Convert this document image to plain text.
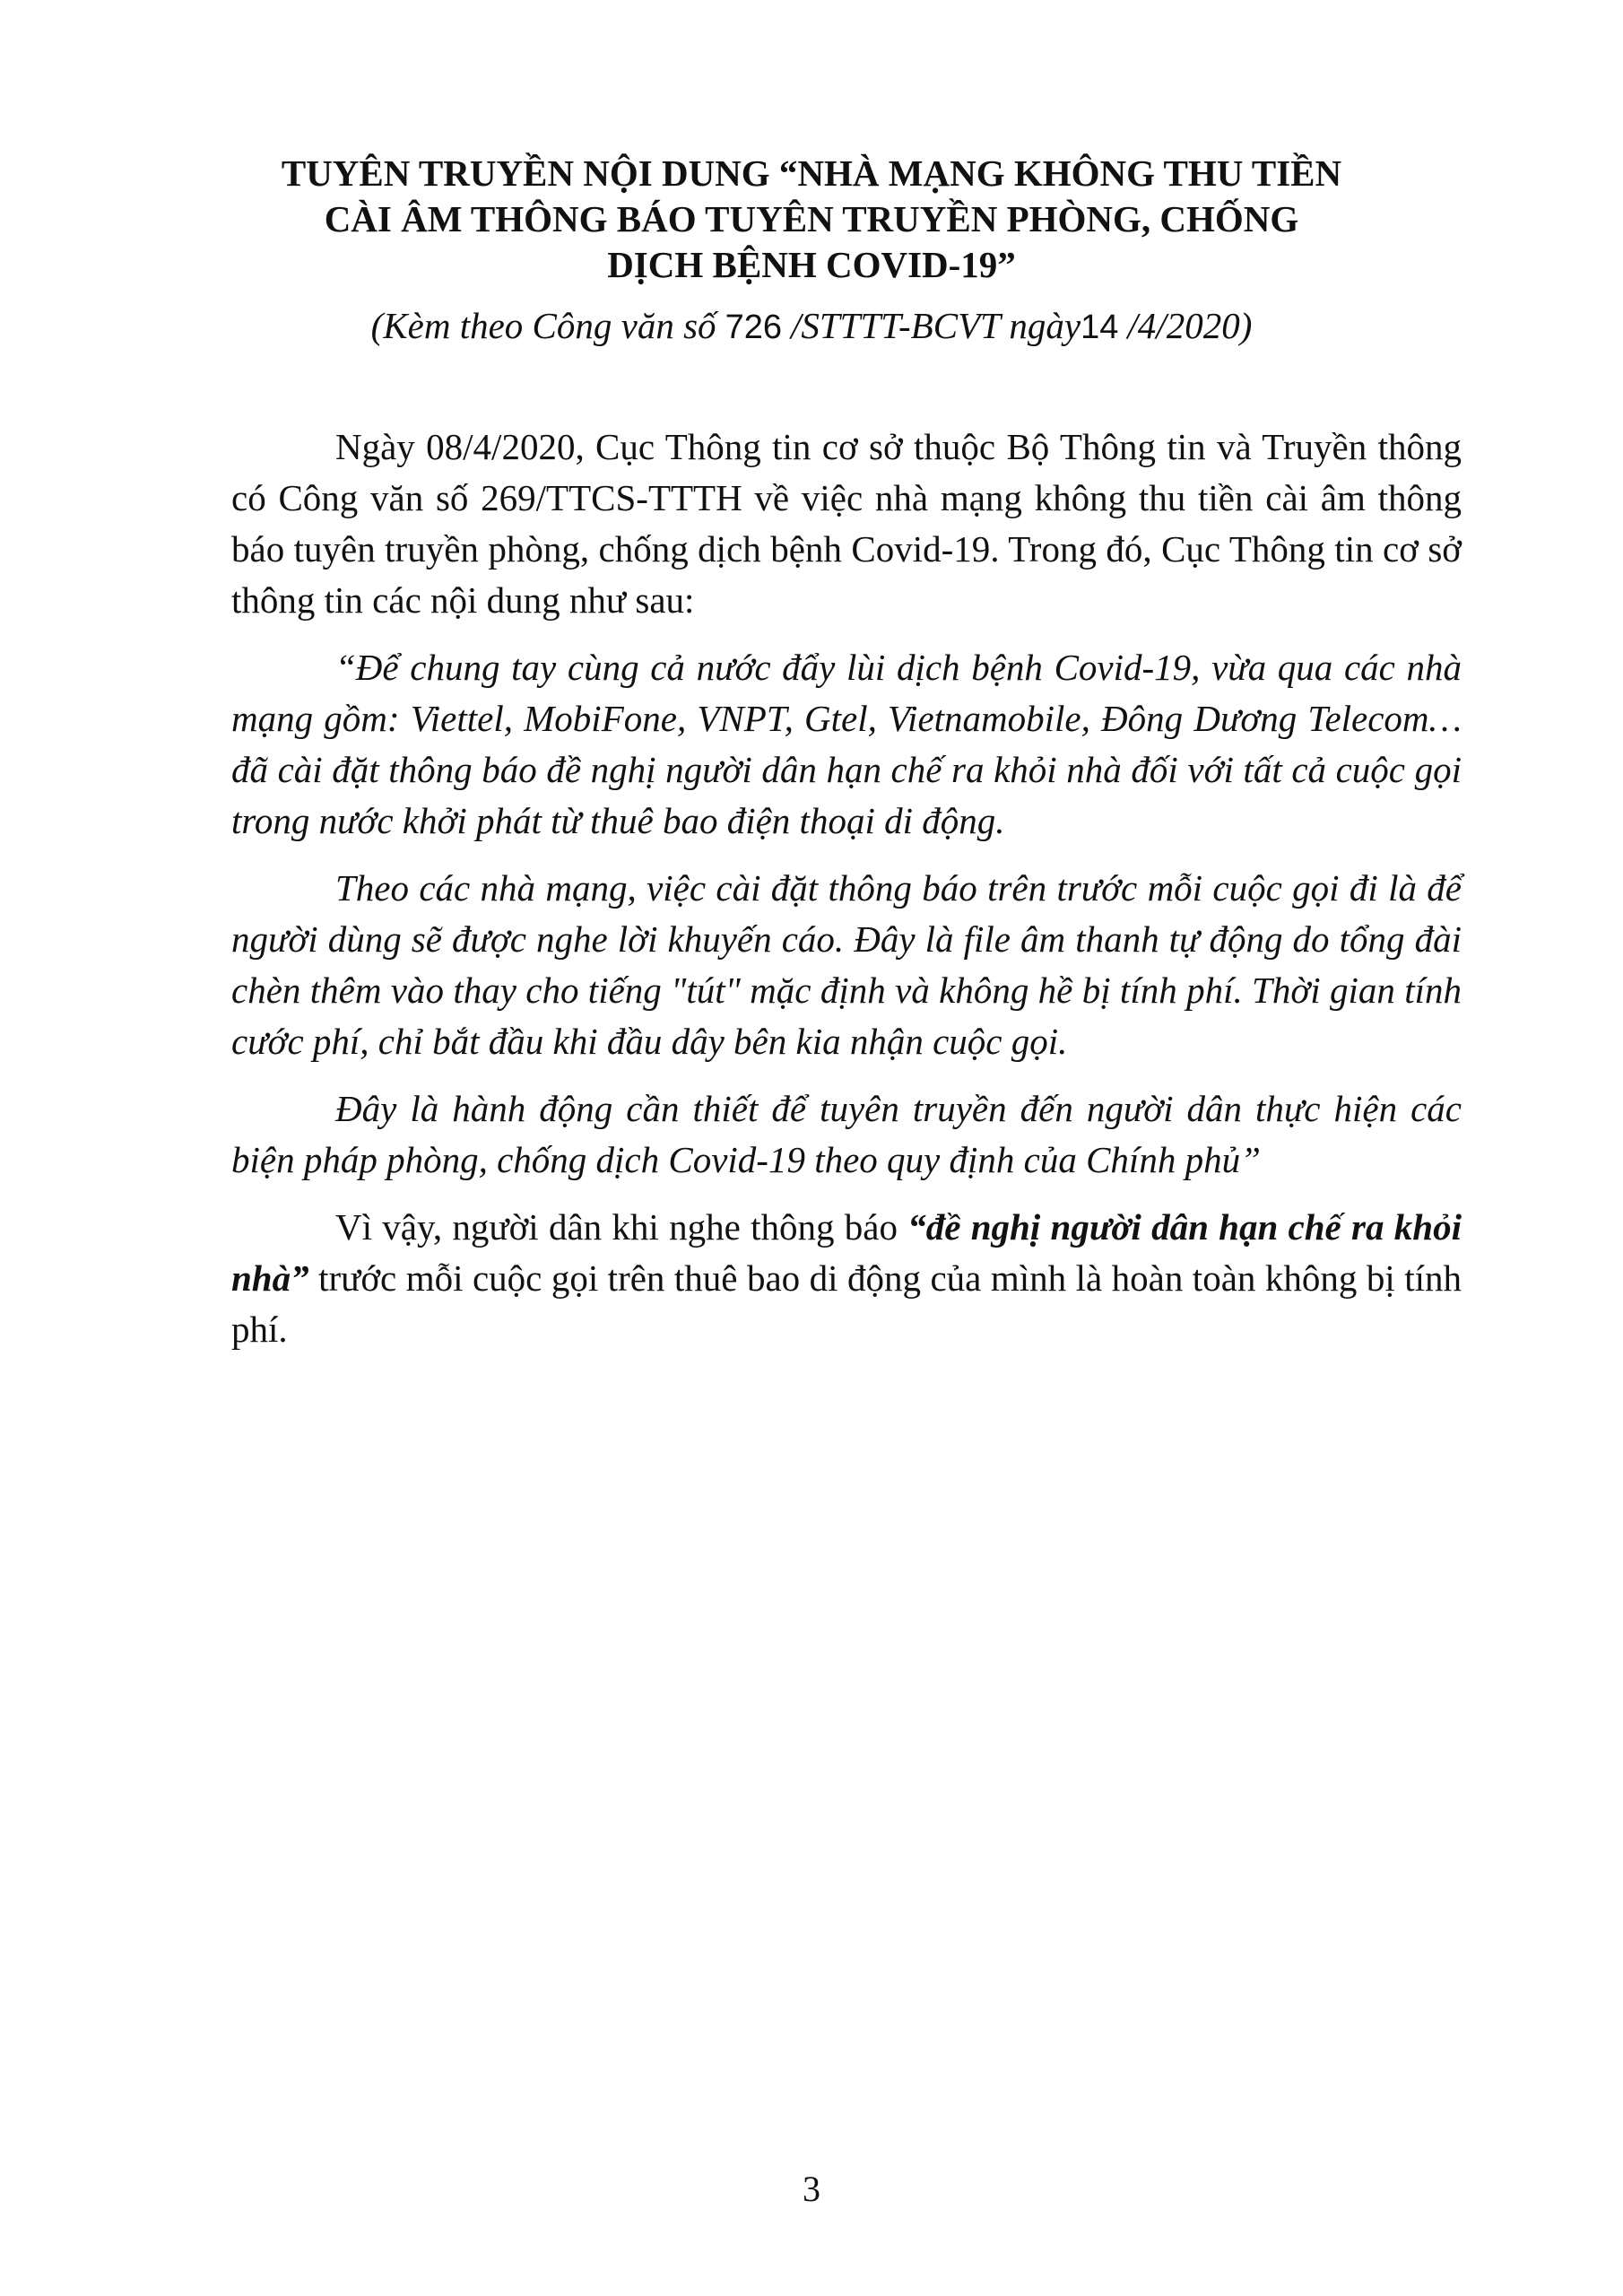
TUYÊN TRUYỀN NỘI DUNG “NHÀ MẠNG KHÔNG THU TIỀN
CÀI ÂM THÔNG BÁO TUYÊN TRUYỀN PHÒNG, CHỐNG
DỊCH BỆNH COVID-19”
(Kèm theo Công văn số 726 /STTTT-BCVT ngày14 /4/2020)

Ngày 08/4/2020, Cục Thông tin cơ sở thuộc Bộ Thông tin và Truyền thông có Công văn số 269/TTCS-TTTH về việc nhà mạng không thu tiền cài âm thông báo tuyên truyền phòng, chống dịch bệnh Covid-19. Trong đó, Cục Thông tin cơ sở thông tin các nội dung như sau:

“Để chung tay cùng cả nước đẩy lùi dịch bệnh Covid-19, vừa qua các nhà mạng gồm: Viettel, MobiFone, VNPT, Gtel, Vietnamobile, Đông Dương Telecom… đã cài đặt thông báo đề nghị người dân hạn chế ra khỏi nhà đối với tất cả cuộc gọi trong nước khởi phát từ thuê bao điện thoại di động.

Theo các nhà mạng, việc cài đặt thông báo trên trước mỗi cuộc gọi đi là để người dùng sẽ được nghe lời khuyến cáo. Đây là file âm thanh tự động do tổng đài chèn thêm vào thay cho tiếng "tút" mặc định và không hề bị tính phí. Thời gian tính cước phí, chỉ bắt đầu khi đầu dây bên kia nhận cuộc gọi.

Đây là hành động cần thiết để tuyên truyền đến người dân thực hiện các biện pháp phòng, chống dịch Covid-19 theo quy định của Chính phủ”

Vì vậy, người dân khi nghe thông báo “đề nghị người dân hạn chế ra khỏi nhà” trước mỗi cuộc gọi trên thuê bao di động của mình là hoàn toàn không bị tính phí.

3
